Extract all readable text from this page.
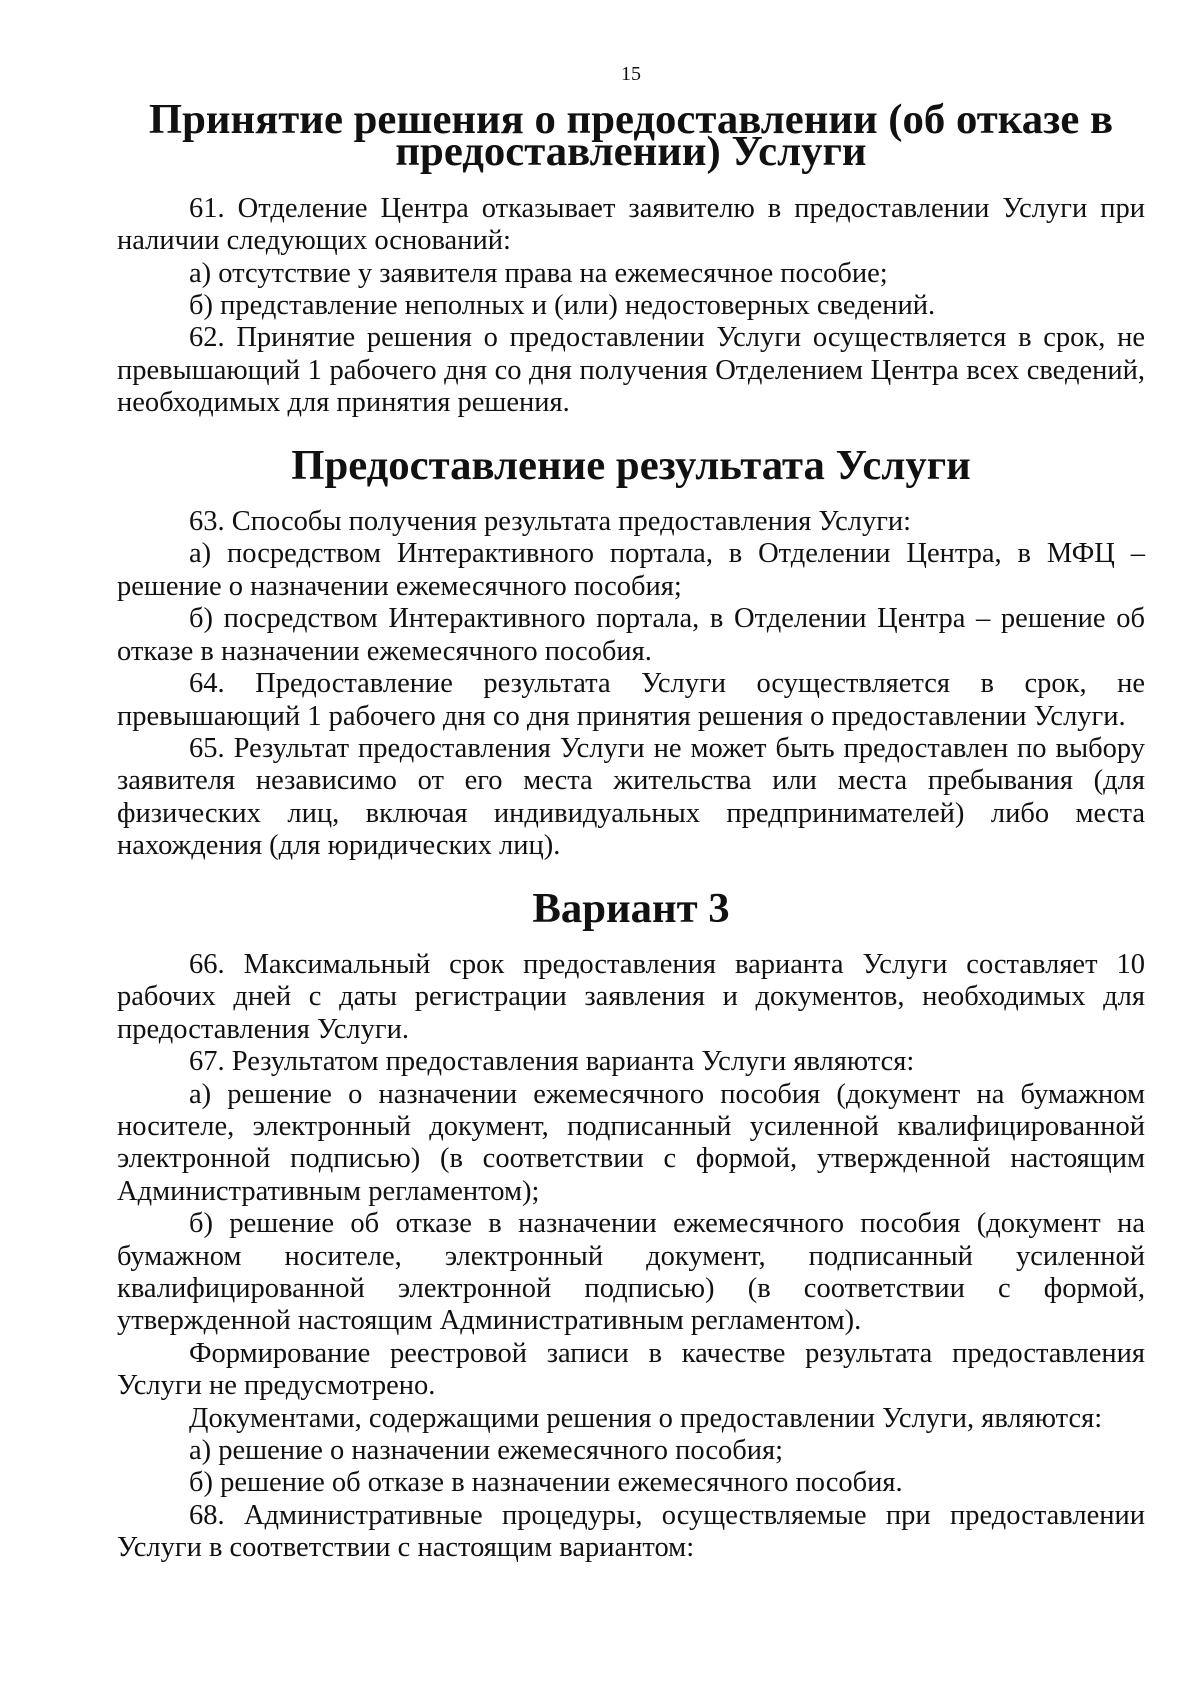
15
Принятие решения о предоставлении (об отказе в предоставлении) Услуги

61. Отделение Центра отказывает заявителю в предоставлении Услуги при наличии следующих оснований:

а) отсутствие у заявителя права на ежемесячное пособие;

б) представление неполных и (или) недостоверных сведений.

62. Принятие решения о предоставлении Услуги осуществляется в срок, не превышающий 1 рабочего дня со дня получения Отделением Центра всех сведений, необходимых для принятия решения.

Предоставление результата Услуги

63. Способы получения результата предоставления Услуги:

а) посредством Интерактивного портала, в Отделении Центра, в МФЦ – решение о назначении ежемесячного пособия;

б) посредством Интерактивного портала, в Отделении Центра – решение об отказе в назначении ежемесячного пособия.

64. Предоставление результата Услуги осуществляется в срок, не превышающий 1 рабочего дня со дня принятия решения о предоставлении Услуги.

65. Результат предоставления Услуги не может быть предоставлен по выбору заявителя независимо от его места жительства или места пребывания (для физических лиц, включая индивидуальных предпринимателей) либо места нахождения (для юридических лиц).

Вариант 3

66. Максимальный срок предоставления варианта Услуги составляет 10 рабочих дней с даты регистрации заявления и документов, необходимых для предоставления Услуги.

67. Результатом предоставления варианта Услуги являются:

а) решение о назначении ежемесячного пособия (документ на бумажном носителе, электронный документ, подписанный усиленной квалифицированной электронной подписью) (в соответствии с формой, утвержденной настоящим Административным регламентом);

б) решение об отказе в назначении ежемесячного пособия (документ на бумажном носителе, электронный документ, подписанный усиленной квалифицированной электронной подписью) (в соответствии с формой, утвержденной настоящим Административным регламентом).

Формирование реестровой записи в качестве результата предоставления Услуги не предусмотрено.

Документами, содержащими решения о предоставлении Услуги, являются:

а) решение о назначении ежемесячного пособия;

б) решение об отказе в назначении ежемесячного пособия.

68. Административные процедуры, осуществляемые при предоставлении Услуги в соответствии с настоящим вариантом:
